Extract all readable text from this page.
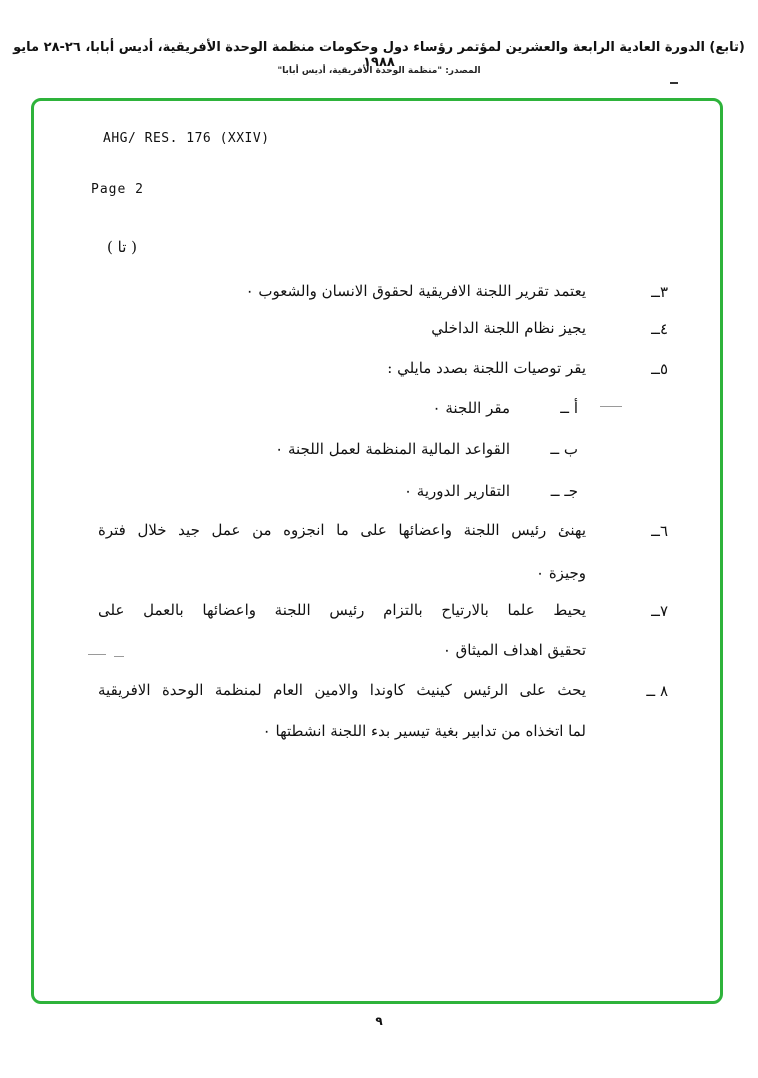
(تابع) الدورة العادية الرابعة والعشرين لمؤتمر رؤساء دول وحكومات منظمة الوحدة الأفريقية، أديس أبابا، ٢٦-٢٨ مايو ١٩٨٨
المصدر: "منظمة الوحدة الأفريقية، أديس أبابا"
AHG/ RES. 176 (XXIV)
Page 2
( تا )
٣ــ
يعتمد تقرير اللجنة الافريقية لحقوق الانسان والشعوب ٠
٤ــ
يجيز نظام اللجنة الداخلي
٥ــ
يقر توصيات اللجنة بصدد مايلي :
أ ــ
مقر اللجنة ٠
ب ــ
القواعد المالية المنظمة لعمل اللجنة ٠
جـ ــ
التقارير الدورية ٠
٦ــ
يهنئ رئيس اللجنة واعضائها على ما انجزوه من عمل جيد خلال فترة
وجيزة ٠
٧ــ
يحيط علما بالارتياح بالتزام رئيس اللجنة واعضائها بالعمل على
تحقيق اهداف الميثاق ٠
٨ ــ
يحث على الرئيس كينيث كاوندا والامين العام لمنظمة الوحدة الافريقية
لما اتخذاه من تدابير بغية تيسير بدء اللجنة انشطتها ٠
٩
